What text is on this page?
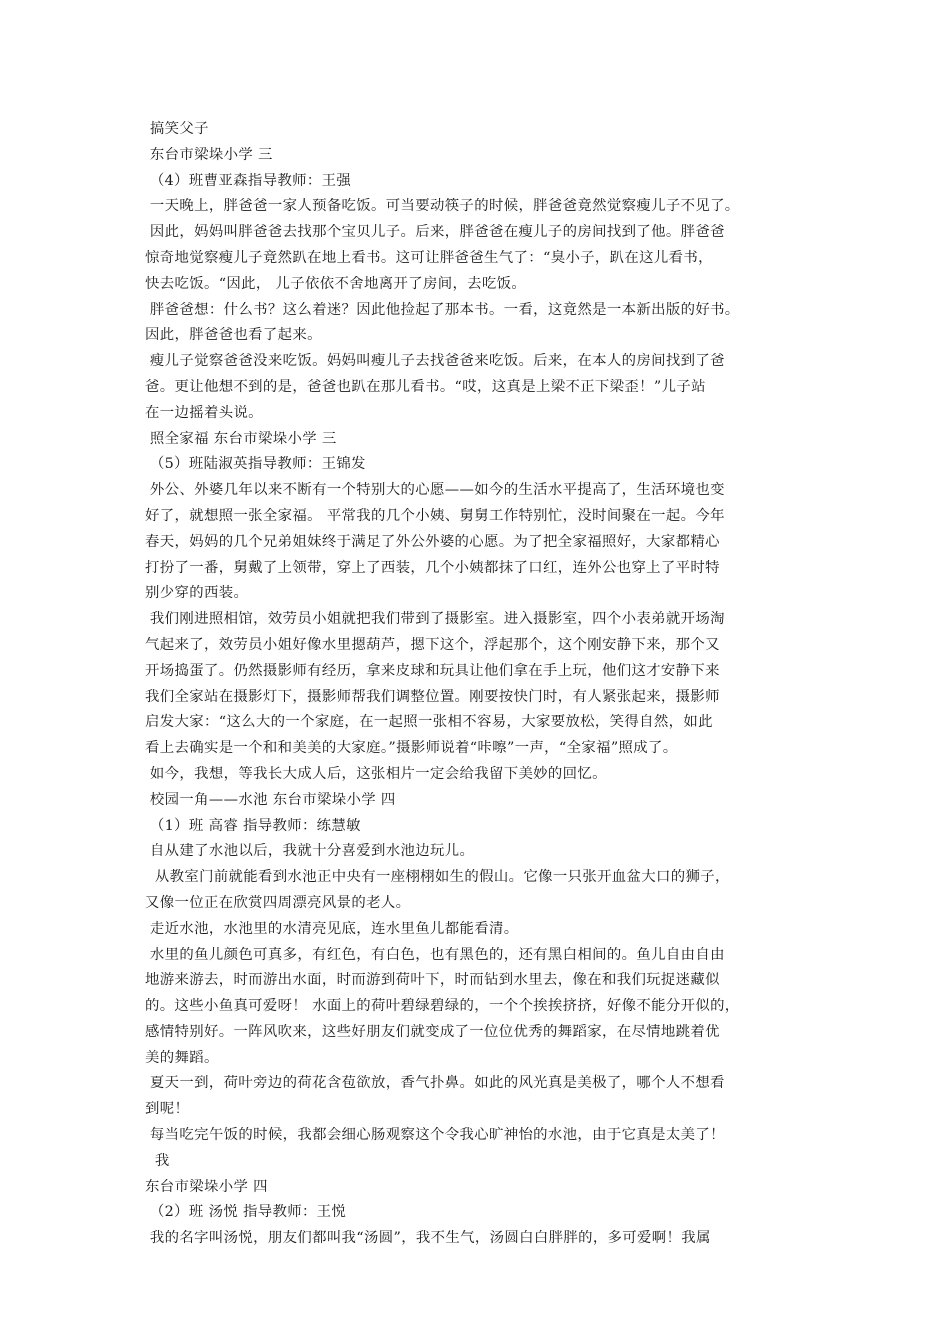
搞笑父子
东台市梁垛小学 三
（4）班曹亚森指导教师：王强
一天晚上，胖爸爸一家人预备吃饭。可当要动筷子的时候，胖爸爸竟然觉察瘦儿子不见了。
因此，妈妈叫胖爸爸去找那个宝贝儿子。后来，胖爸爸在瘦儿子的房间找到了他。胖爸爸
惊奇地觉察瘦儿子竟然趴在地上看书。这可让胖爸爸生气了：“臭小子，趴在这儿看书，
快去吃饭。“因此， 儿子依依不舍地离开了房间，去吃饭。
胖爸爸想：什么书？这么着迷？因此他捡起了那本书。一看，这竟然是一本新出版的好书。
因此，胖爸爸也看了起来。
瘦儿子觉察爸爸没来吃饭。妈妈叫瘦儿子去找爸爸来吃饭。后来，在本人的房间找到了爸
爸。更让他想不到的是，爸爸也趴在那儿看书。“哎，这真是上梁不正下梁歪！”儿子站
在一边摇着头说。
照全家福 东台市梁垛小学 三
（5）班陆淑英指导教师：王锦发
外公、外婆几年以来不断有一个特别大的心愿——如今的生活水平提高了，生活环境也变
好了，就想照一张全家福。 平常我的几个小姨、舅舅工作特别忙，没时间聚在一起。今年
春天，妈妈的几个兄弟姐妹终于满足了外公外婆的心愿。为了把全家福照好，大家都精心
打扮了一番，舅戴了上领带，穿上了西装，几个小姨都抹了口红，连外公也穿上了平时特
别少穿的西装。
我们刚进照相馆，效劳员小姐就把我们带到了摄影室。进入摄影室，四个小表弟就开场淘
气起来了，效劳员小姐好像水里摁葫芦，摁下这个，浮起那个，这个刚安静下来，那个又
开场捣蛋了。仍然摄影师有经历，拿来皮球和玩具让他们拿在手上玩，他们这才安静下来
我们全家站在摄影灯下，摄影师帮我们调整位置。刚要按快门时，有人紧张起来，摄影师
启发大家：“这么大的一个家庭，在一起照一张相不容易，大家要放松，笑得自然，如此
看上去确实是一个和和美美的大家庭。”摄影师说着“咔嚓”一声，“全家福”照成了。
如今，我想，等我长大成人后，这张相片一定会给我留下美妙的回忆。
校园一角——水池 东台市梁垛小学 四
（1）班 高睿 指导教师：练慧敏
自从建了水池以后，我就十分喜爱到水池边玩儿。
从教室门前就能看到水池正中央有一座栩栩如生的假山。它像一只张开血盆大口的狮子，
又像一位正在欣赏四周漂亮风景的老人。
走近水池，水池里的水清亮见底，连水里鱼儿都能看清。
水里的鱼儿颜色可真多，有红色，有白色，也有黑色的，还有黑白相间的。鱼儿自由自由
地游来游去，时而游出水面，时而游到荷叶下，时而钻到水里去，像在和我们玩捉迷藏似
的。这些小鱼真可爱呀！ 水面上的荷叶碧绿碧绿的，一个个挨挨挤挤，好像不能分开似的，
感情特别好。一阵风吹来，这些好朋友们就变成了一位位优秀的舞蹈家，在尽情地跳着优
美的舞蹈。
夏天一到，荷叶旁边的荷花含苞欲放，香气扑鼻。如此的风光真是美极了，哪个人不想看
到呢！
每当吃完午饭的时候，我都会细心肠观察这个令我心旷神怡的水池，由于它真是太美了！
我
东台市梁垛小学 四
（2）班 汤悦 指导教师：王悦
我的名字叫汤悦，朋友们都叫我“汤圆”，我不生气，汤圆白白胖胖的，多可爱啊！我属
